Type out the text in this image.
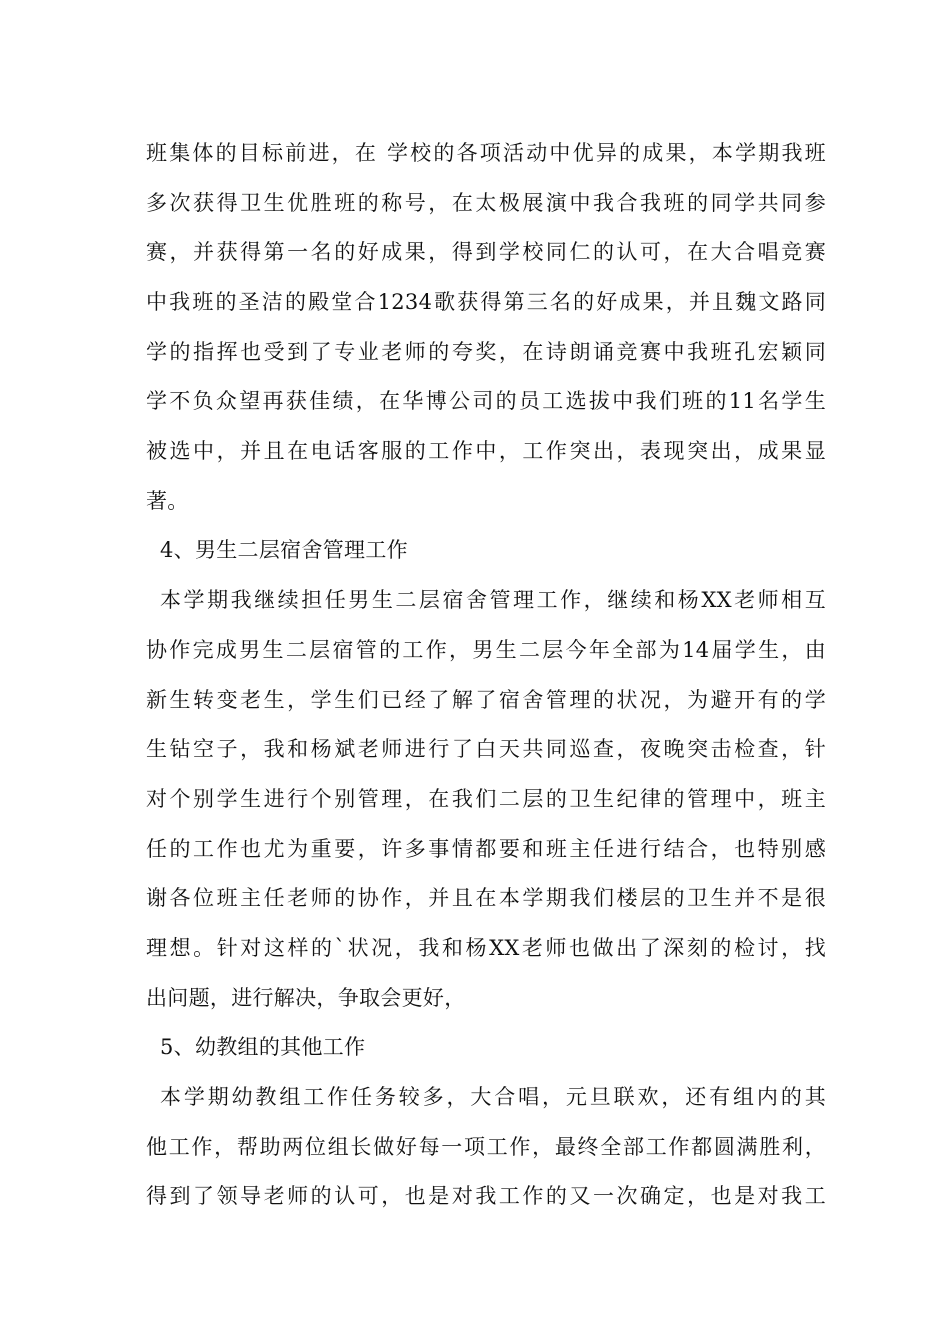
班集体的目标前进，在 学校的各项活动中优异的成果，本学期我班
多次获得卫生优胜班的称号，在太极展演中我合我班的同学共同参
赛，并获得第一名的好成果，得到学校同仁的认可，在大合唱竞赛
中我班的圣洁的殿堂合1234歌获得第三名的好成果，并且魏文路同
学的指挥也受到了专业老师的夸奖，在诗朗诵竞赛中我班孔宏颖同
学不负众望再获佳绩，在华博公司的员工选拔中我们班的11名学生
被选中，并且在电话客服的工作中，工作突出，表现突出，成果显
著。
4、男生二层宿舍管理工作
本学期我继续担任男生二层宿舍管理工作，继续和杨XX老师相互
协作完成男生二层宿管的工作，男生二层今年全部为14届学生，由
新生转变老生，学生们已经了解了宿舍管理的状况，为避开有的学
生钻空子，我和杨斌老师进行了白天共同巡查，夜晚突击检查，针
对个别学生进行个别管理，在我们二层的卫生纪律的管理中，班主
任的工作也尤为重要，许多事情都要和班主任进行结合，也特别感
谢各位班主任老师的协作，并且在本学期我们楼层的卫生并不是很
理想。针对这样的`状况，我和杨XX老师也做出了深刻的检讨，找
出问题，进行解决，争取会更好，
5、幼教组的其他工作
本学期幼教组工作任务较多，大合唱，元旦联欢，还有组内的其
他工作，帮助两位组长做好每一项工作，最终全部工作都圆满胜利，
得到了领导老师的认可，也是对我工作的又一次确定，也是对我工
